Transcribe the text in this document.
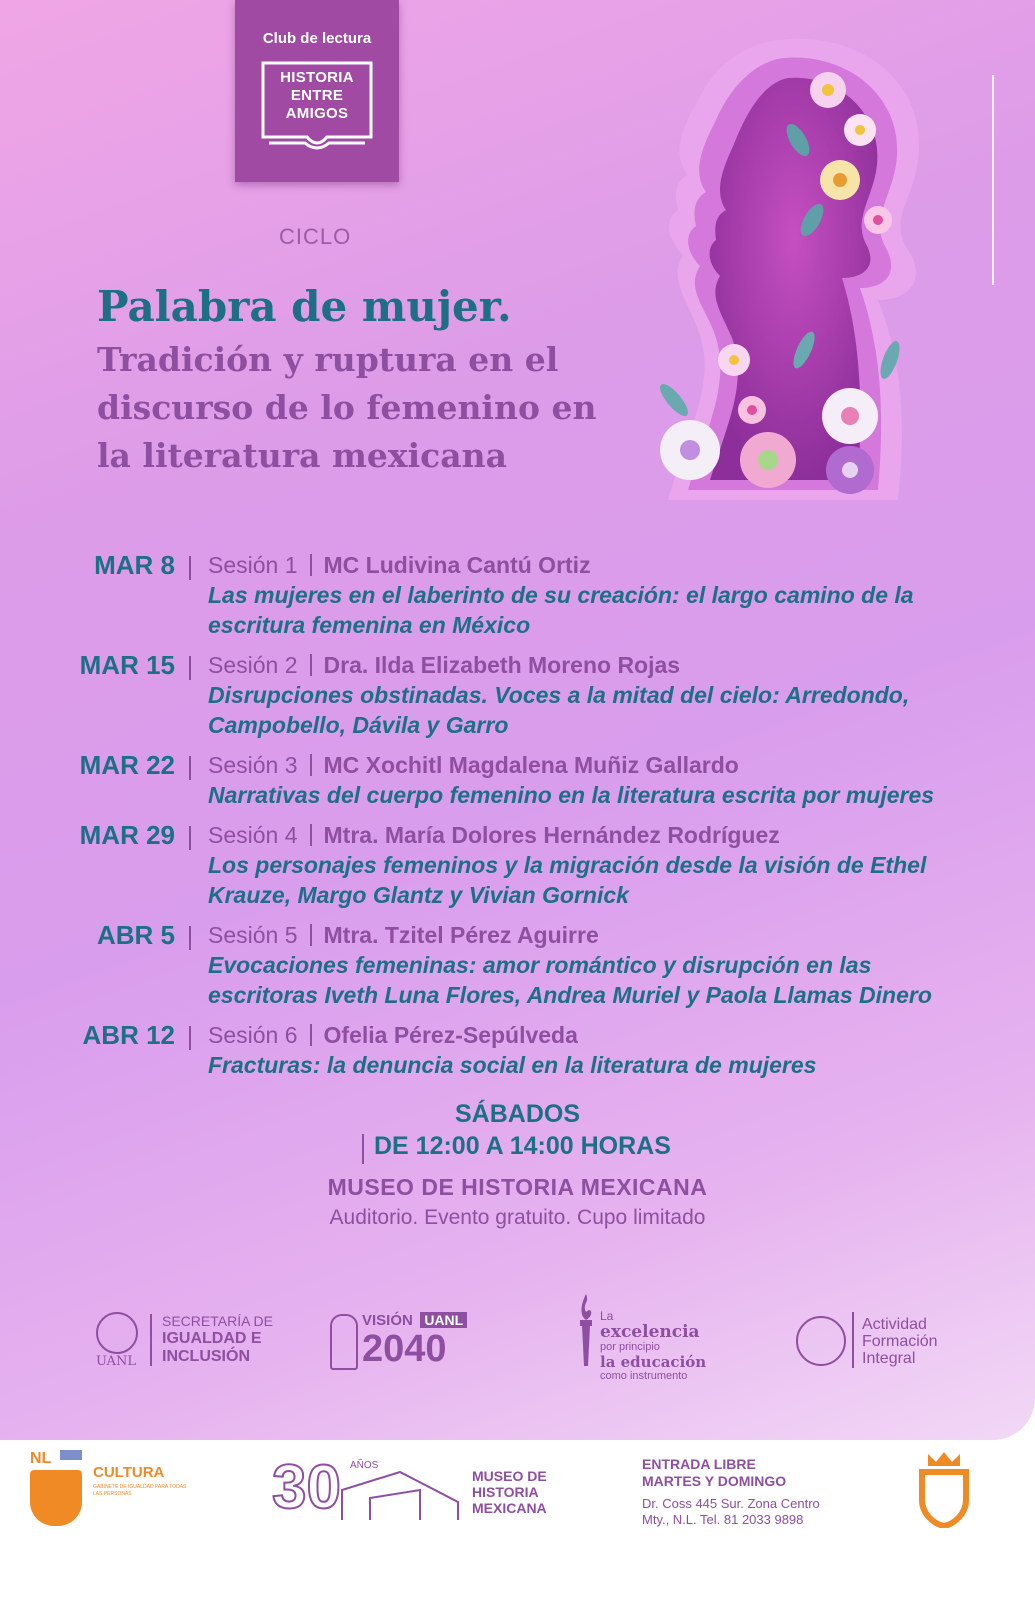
Club de lectura
HISTORIA
ENTRE
AMIGOS
CICLO
Palabra de mujer.
Tradición y ruptura en el discurso de lo femenino en la literatura mexicana
MAR 8 Sesión 1 MC Ludivina Cantú Ortiz
Las mujeres en el laberinto de su creación: el largo camino de la escritura femenina en México
MAR 15 Sesión 2 Dra. Ilda Elizabeth Moreno Rojas
Disrupciones obstinadas. Voces a la mitad del cielo: Arredondo, Campobello, Dávila y Garro
MAR 22 Sesión 3 MC Xochitl Magdalena Muñiz Gallardo
Narrativas del cuerpo femenino en la literatura escrita por mujeres
MAR 29 Sesión 4 Mtra. María Dolores Hernández Rodríguez
Los personajes femeninos y la migración desde la visión de Ethel Krauze, Margo Glantz y Vivian Gornick
ABR 5 Sesión 5 Mtra. Tzitel Pérez Aguirre
Evocaciones femeninas: amor romántico y disrupción en las escritoras Iveth Luna Flores, Andrea Muriel y Paola Llamas Dinero
ABR 12 Sesión 6 Ofelia Pérez-Sepúlveda
Fracturas: la denuncia social en la literatura de mujeres
SÁBADOS
DE 12:00 A 14:00 HORAS
MUSEO DE HISTORIA MEXICANA
Auditorio. Evento gratuito. Cupo limitado
UANL
SECRETARÍA DE
IGUALDAD E
INCLUSIÓN
VISIÓN UANL
2040
La
excelencia
por principio
la educación
como instrumento
Actividad
Formación
Integral
NL
CULTURA
GABINETE DE IGUALDAD PARA TODAS LAS PERSONAS	30 AÑOS
MUSEO DE
HISTORIA
MEXICANA
ENTRADA LIBRE
MARTES Y DOMINGO
Dr. Coss 445 Sur. Zona Centro
Mty., N.L. Tel. 81 2033 9898
